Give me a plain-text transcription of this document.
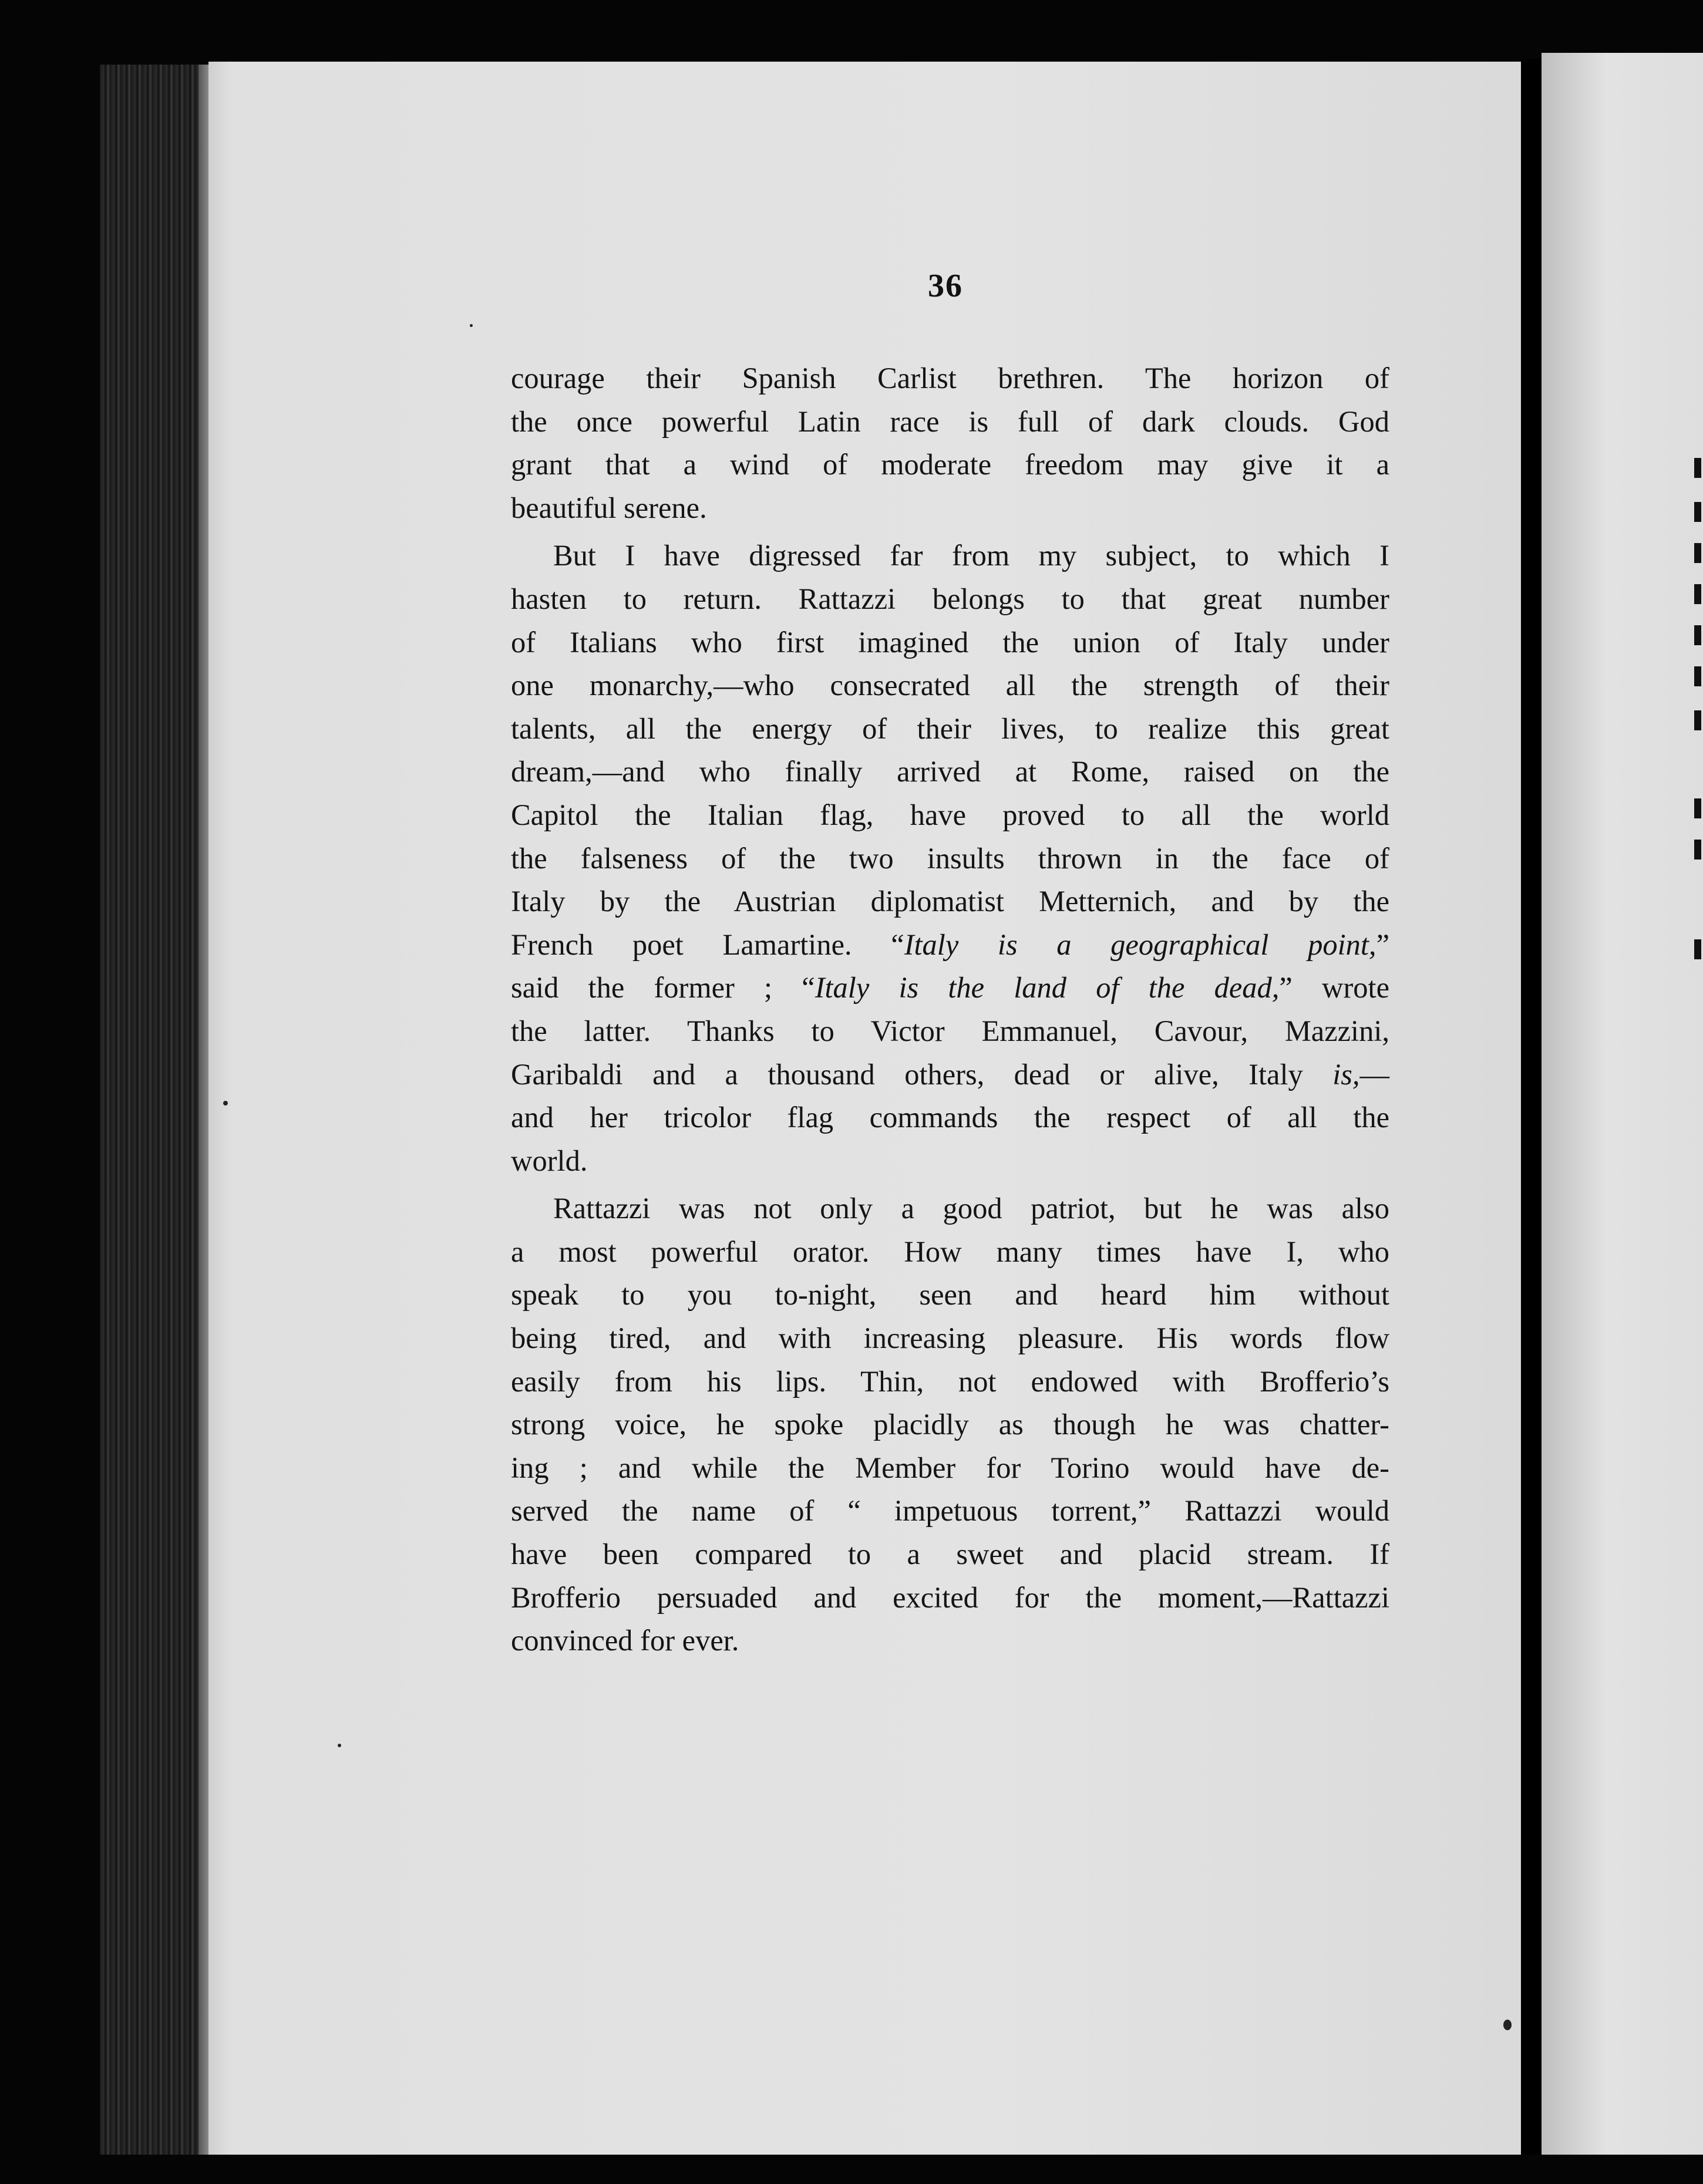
36
courage their Spanish Carlist brethren. The horizon of
the once powerful Latin race is full of dark clouds. God
grant that a wind of moderate freedom may give it a
beautiful serene.
But I have digressed far from my subject, to which I
hasten to return. Rattazzi belongs to that great number
of Italians who first imagined the union of Italy under
one monarchy,—who consecrated all the strength of their
talents, all the energy of their lives, to realize this great
dream,—and who finally arrived at Rome, raised on the
Capitol the Italian flag, have proved to all the world
the falseness of the two insults thrown in the face of
Italy by the Austrian diplomatist Metternich, and by the
French poet Lamartine. “Italy is a geographical point,”
said the former ; “Italy is the land of the dead,” wrote
the latter. Thanks to Victor Emmanuel, Cavour, Mazzini,
Garibaldi and a thousand others, dead or alive, Italy is,—
and her tricolor flag commands the respect of all the
world.
Rattazzi was not only a good patriot, but he was also
a most powerful orator. How many times have I, who
speak to you to-night, seen and heard him without
being tired, and with increasing pleasure. His words flow
easily from his lips. Thin, not endowed with Brofferio’s
strong voice, he spoke placidly as though he was chatter-
ing ; and while the Member for Torino would have de-
served the name of “ impetuous torrent,” Rattazzi would
have been compared to a sweet and placid stream. If
Brofferio persuaded and excited for the moment,—Rattazzi
convinced for ever.
